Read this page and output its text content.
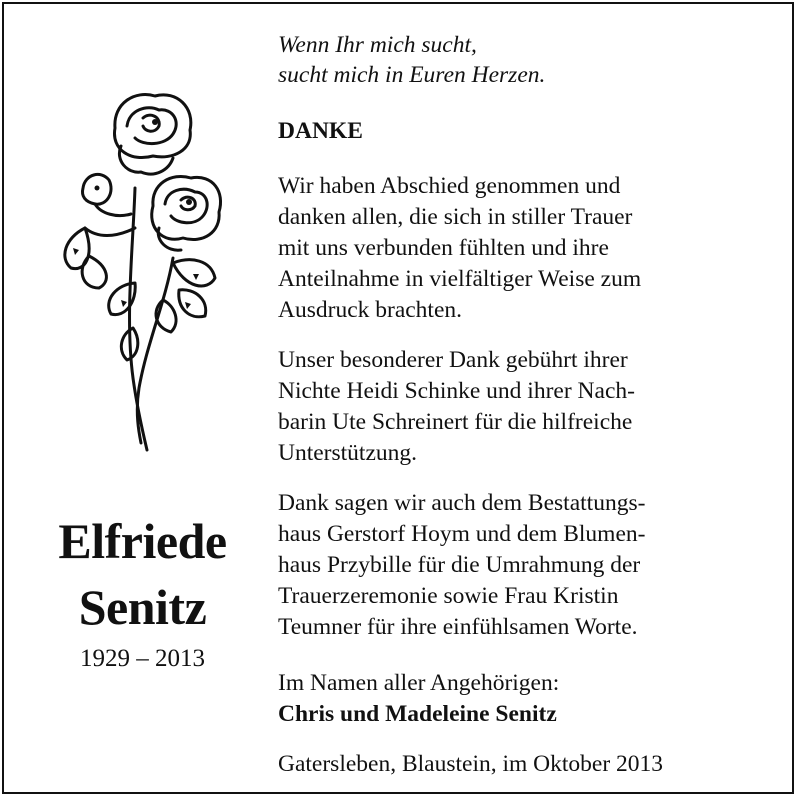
Elfriede
Senitz
1929 – 2013
Wenn Ihr mich sucht,
sucht mich in Euren Herzen.
DANKE
Wir haben Abschied genommen und
danken allen, die sich in stiller Trauer
mit uns verbunden fühlten und ihre
Anteilnahme in vielfältiger Weise zum
Ausdruck brachten.
Unser besonderer Dank gebührt ihrer
Nichte Heidi Schinke und ihrer Nach-
barin Ute Schreinert für die hilfreiche
Unterstützung.
Dank sagen wir auch dem Bestattungs-
haus Gerstorf Hoym und dem Blumen-
haus Przybille für die Umrahmung der
Trauerzeremonie sowie Frau Kristin
Teumner für ihre einfühlsamen Worte.
Im Namen aller Angehörigen:
Chris und Madeleine Senitz
Gatersleben, Blaustein, im Oktober 2013
